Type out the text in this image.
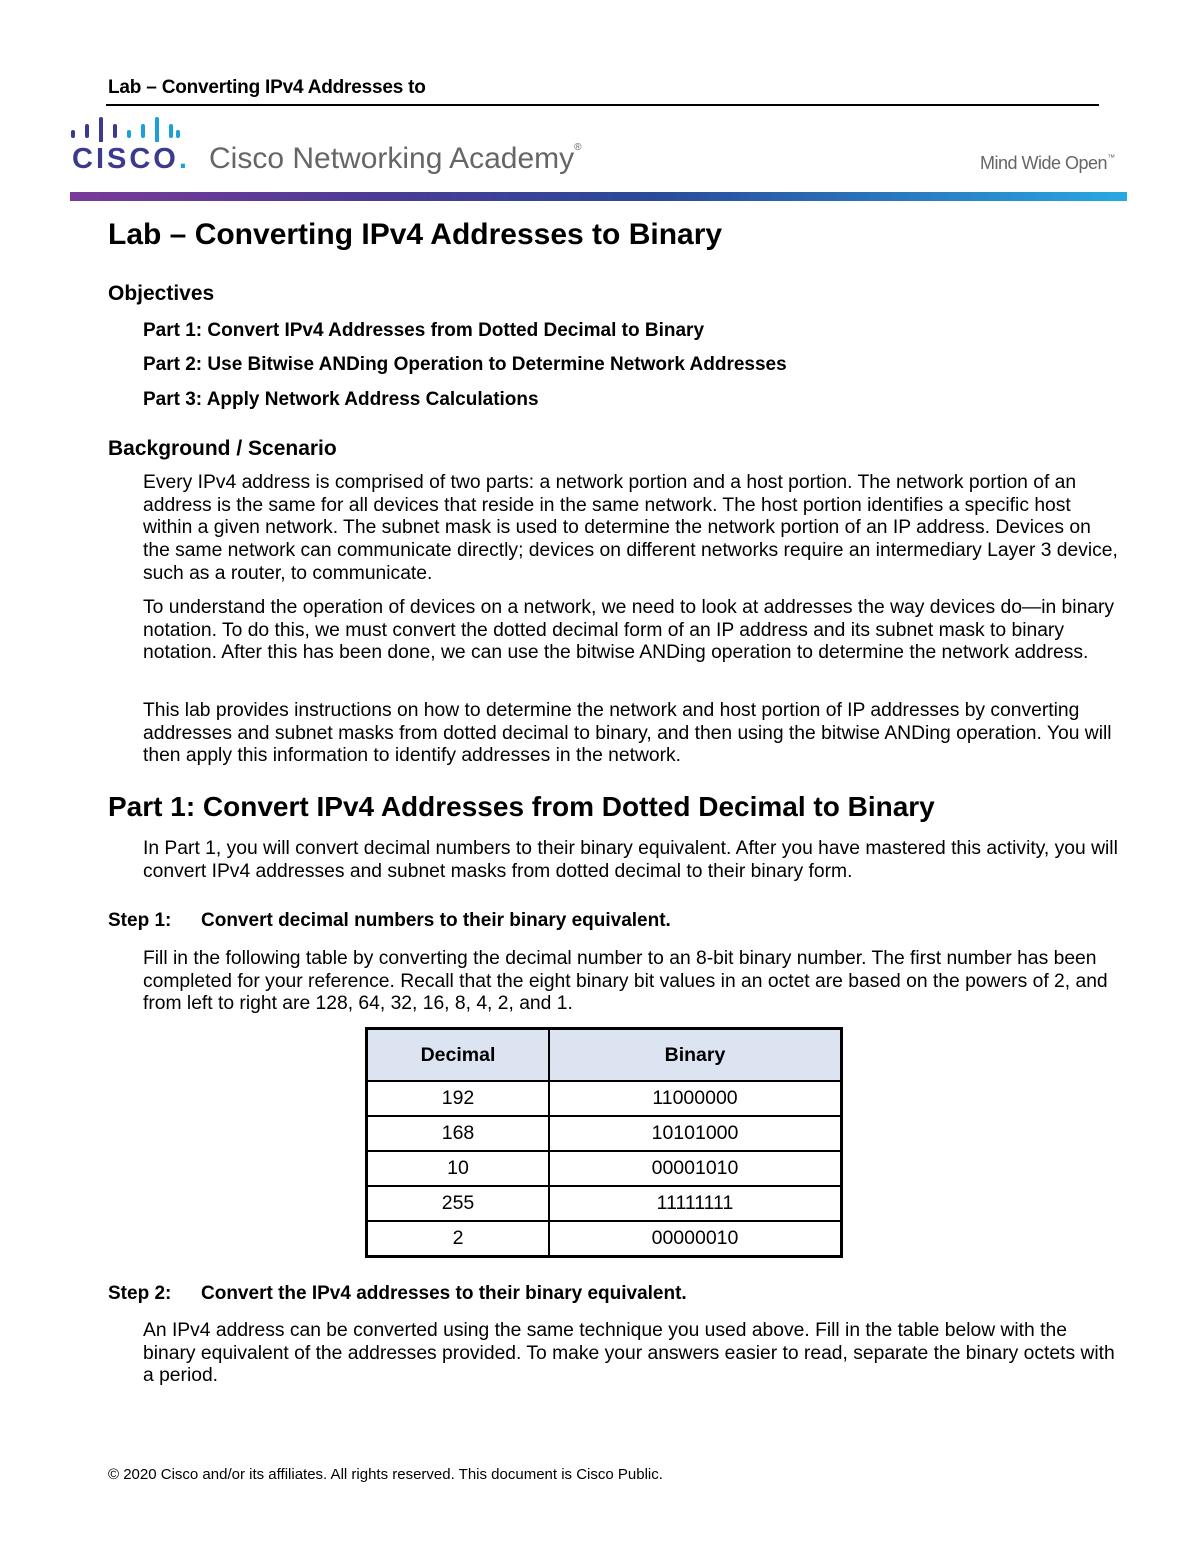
Lab – Converting IPv4 Addresses to
CISCO. Cisco Networking Academy®
Mind Wide Open™
Lab – Converting IPv4 Addresses to Binary
Objectives
Part 1: Convert IPv4 Addresses from Dotted Decimal to Binary
Part 2: Use Bitwise ANDing Operation to Determine Network Addresses
Part 3: Apply Network Address Calculations
Background / Scenario
Every IPv4 address is comprised of two parts: a network portion and a host portion. The network portion of an address is the same for all devices that reside in the same network. The host portion identifies a specific host within a given network. The subnet mask is used to determine the network portion of an IP address. Devices on the same network can communicate directly; devices on different networks require an intermediary Layer 3 device, such as a router, to communicate.
To understand the operation of devices on a network, we need to look at addresses the way devices do—in binary notation. To do this, we must convert the dotted decimal form of an IP address and its subnet mask to binary notation. After this has been done, we can use the bitwise ANDing operation to determine the network address.
This lab provides instructions on how to determine the network and host portion of IP addresses by converting addresses and subnet masks from dotted decimal to binary, and then using the bitwise ANDing operation. You will then apply this information to identify addresses in the network.
Part 1: Convert IPv4 Addresses from Dotted Decimal to Binary
In Part 1, you will convert decimal numbers to their binary equivalent. After you have mastered this activity, you will convert IPv4 addresses and subnet masks from dotted decimal to their binary form.
Step 1: Convert decimal numbers to their binary equivalent.
Fill in the following table by converting the decimal number to an 8-bit binary number. The first number has been completed for your reference. Recall that the eight binary bit values in an octet are based on the powers of 2, and from left to right are 128, 64, 32, 16, 8, 4, 2, and 1.
Decimal	Binary
192	11000000
168	10101000
10	00001010
255	11111111
2	00000010
Step 2: Convert the IPv4 addresses to their binary equivalent.
An IPv4 address can be converted using the same technique you used above. Fill in the table below with the binary equivalent of the addresses provided. To make your answers easier to read, separate the binary octets with a period.
© 2020 Cisco and/or its affiliates. All rights reserved. This document is Cisco Public.
